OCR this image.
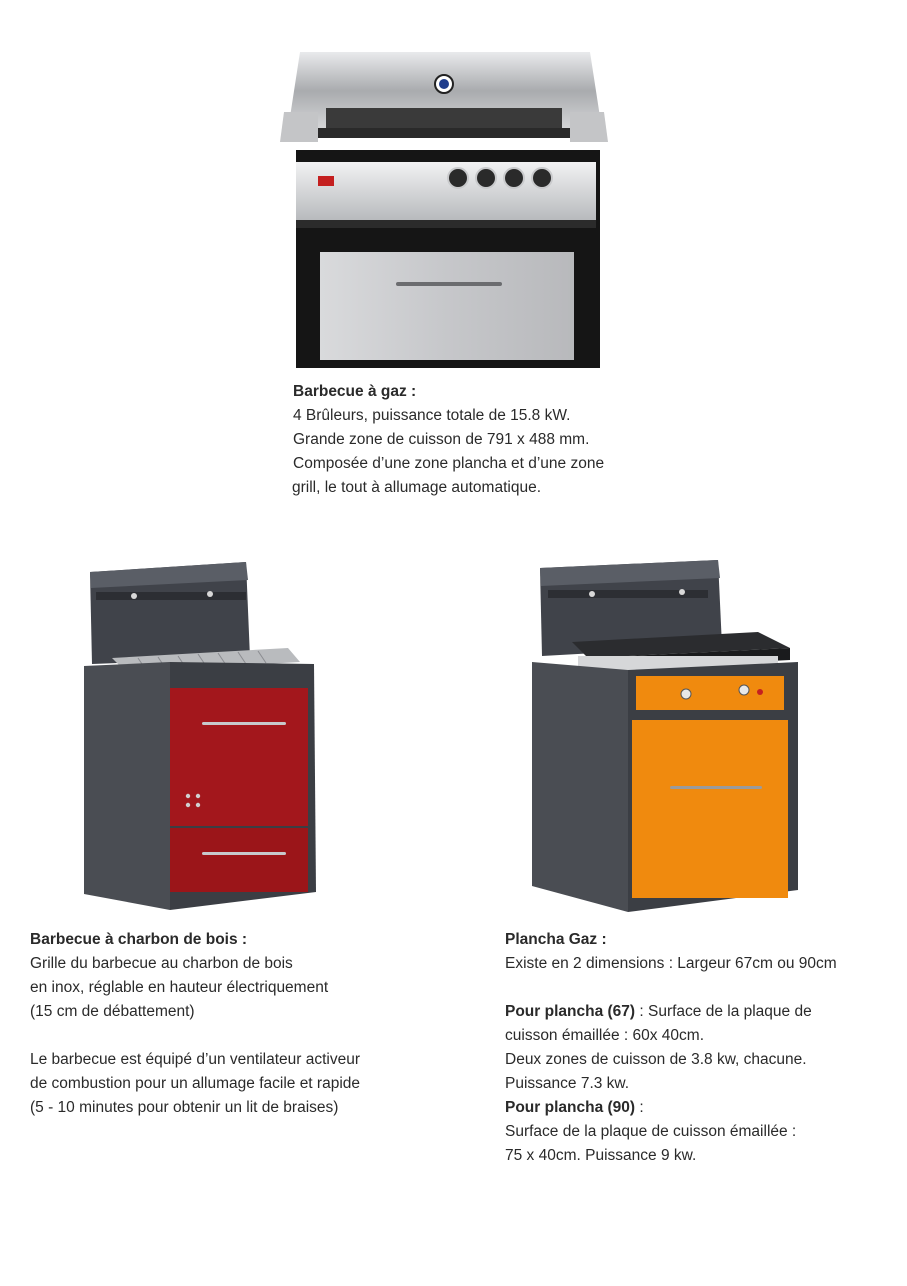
Barbecue à gaz :

4 Brûleurs, puissance totale de 15.8 kW.

Grande zone de cuisson de 791 x 488 mm.

Composée d’une zone plancha et d’une zone

grill, le tout à allumage automatique.

Barbecue à charbon de bois :

Grille du barbecue au charbon de bois

en inox, réglable en hauteur électriquement

(15 cm de débattement)

Le barbecue est équipé d’un ventilateur activeur

de combustion pour un allumage facile et rapide

(5 - 10 minutes pour obtenir un lit de braises)

Plancha Gaz :

Existe en 2 dimensions : Largeur 67cm ou 90cm

Pour plancha (67) : Surface de la plaque de

cuisson émaillée : 60x 40cm.

Deux zones de cuisson de 3.8 kw, chacune.

Puissance 7.3 kw.

Pour plancha (90) :

Surface de la plaque de cuisson émaillée :

75 x 40cm. Puissance 9 kw.
